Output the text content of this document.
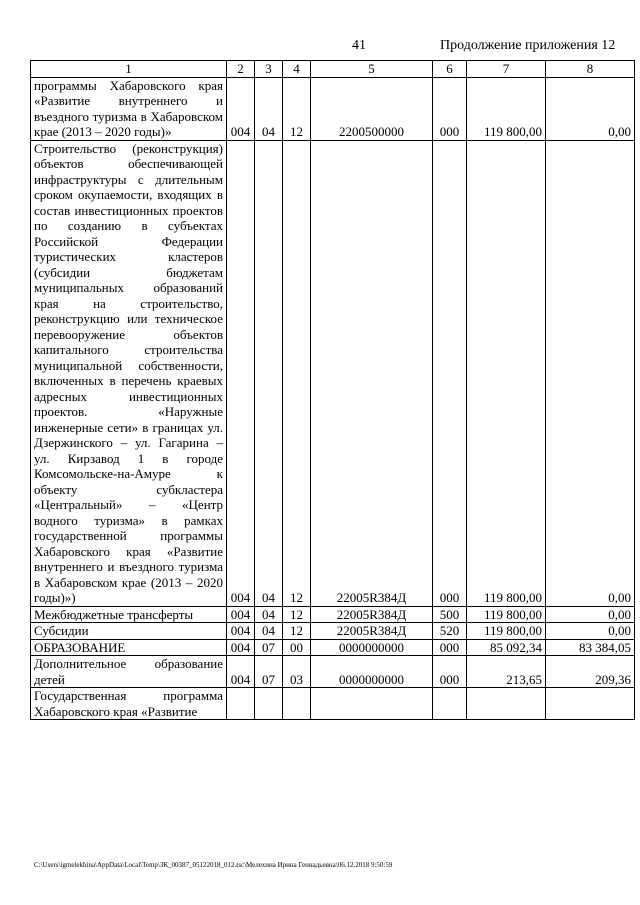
41	Продолжение приложения 12
1	2	3	4	5	6	7	8
программы Хабаровского края «Развитие внутреннего и въездного туризма в Хабаровском крае (2013 – 2020 годы)»	004	04	12	2200500000	000	119 800,00	0,00
Строительство (реконструкция) объектов обеспечивающей инфраструктуры с длительным сроком окупаемости, входящих в состав инвестиционных проектов по созданию в субъектах Российской Федерации туристических кластеров (субсидии бюджетам муниципальных образований края на строительство, реконструкцию или техническое перевооружение объектов капитального строительства муниципальной собственности, включенных в перечень краевых адресных инвестиционных проектов. «Наружные инженерные сети» в границах ул. Дзержинского – ул. Гагарина – ул. Кирзавод 1 в городе Комсомольске-на-Амуре к объекту субкластера «Центральный» – «Центр водного туризма» в рамках государственной программы Хабаровского края «Развитие внутреннего и въездного туризма в Хабаровском крае (2013 – 2020 годы)»)	004	04	12	22005R384Д	000	119 800,00	0,00
Межбюджетные трансферты	004	04	12	22005R384Д	500	119 800,00	0,00
Субсидии	004	04	12	22005R384Д	520	119 800,00	0,00
ОБРАЗОВАНИЕ	004	07	00	0000000000	000	85 092,34	83 384,05
Дополнительное образование детей	004	07	03	0000000000	000	213,65	209,36
Государственная программа Хабаровского края «Развитие							
C:\Users\igmelekhina\AppData\Local\Temp\ЗК_00387_05122018_012.tsc\Мелехина Ирина Геннадьевна\06.12.2018 9:50:59
